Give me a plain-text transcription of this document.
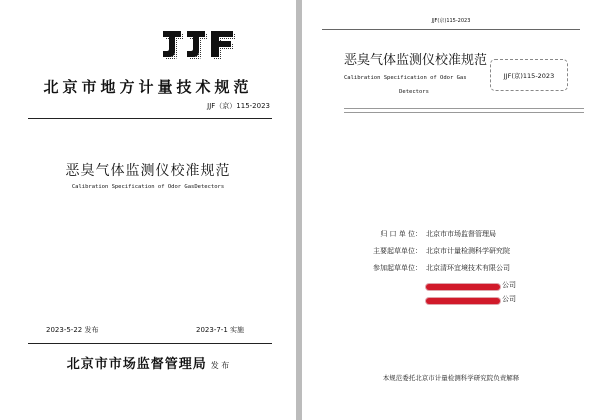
北京市地方计量技术规范
JJF（京）115-2023
恶臭气体监测仪校准规范
Calibration Specification of Odor GasDetectors
2023-5-22 发布	2023-7-1 实施
北京市市场监督管理局 发 布
JJF(京)115-2023
恶臭气体监测仪校准规范
Calibration Specification of Odor Gas
Detectors
JJF(京)115-2023
归 口 单 位： 北京市市场监督管理局
主要起草单位： 北京市计量检测科学研究院
参加起草单位： 北京清环宜境技术有限公司
公司
公司
本规范委托北京市计量检测科学研究院负责解释
